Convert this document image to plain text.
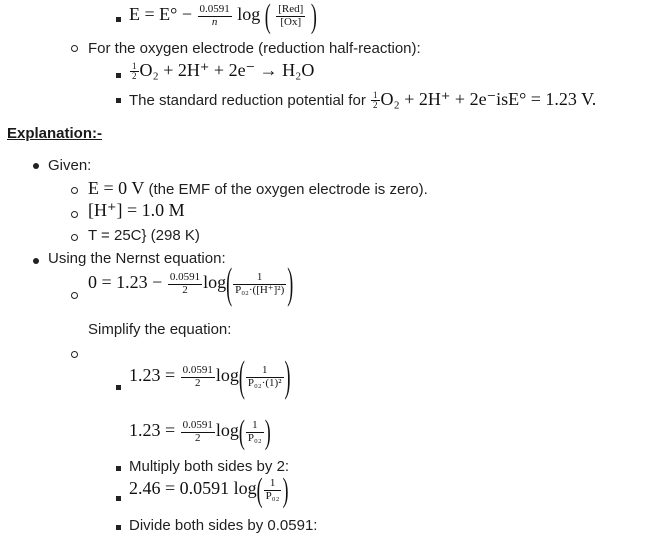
$E = E^\circ - \frac{0.0591}{n}$ log ( $\frac{\text{[Red]}}{[Ox]}$ )
For the oxygen electrode (reduction half-reaction):
$\frac{1}{2} O_2 + 2H^+ + 2e^- \to H_2O$
The standard reduction potential for $\frac{1}{2} O_2 + 2H^+ + 2e^-isE^\circ = 1.23$ V.
Explanation:-
Given:
E = 0 V (the EMF of the oxygen electrode is zero).
[H⁺] = 1.0 M
T = 25C} (298 K)
Using the Nernst equation:
$0 = 1.23 - \frac{0.0591}{2} \log( \frac{1}{\text{P₀₂·([H⁺]²)}}$ )
Simplify the equation:
$1.23 = \frac{0.0591}{2} \log( \frac{1}{\text{P₀₂·(1)²}}$ )
$1.23 = \frac{0.0591}{2} \log( \frac{1}{\text{P₀₂}}$ )
Multiply both sides by 2:
2.46 = 0.0591 $\log( \frac{1}{\text{P₀₂}}$ )
Divide both sides by 0.0591:
